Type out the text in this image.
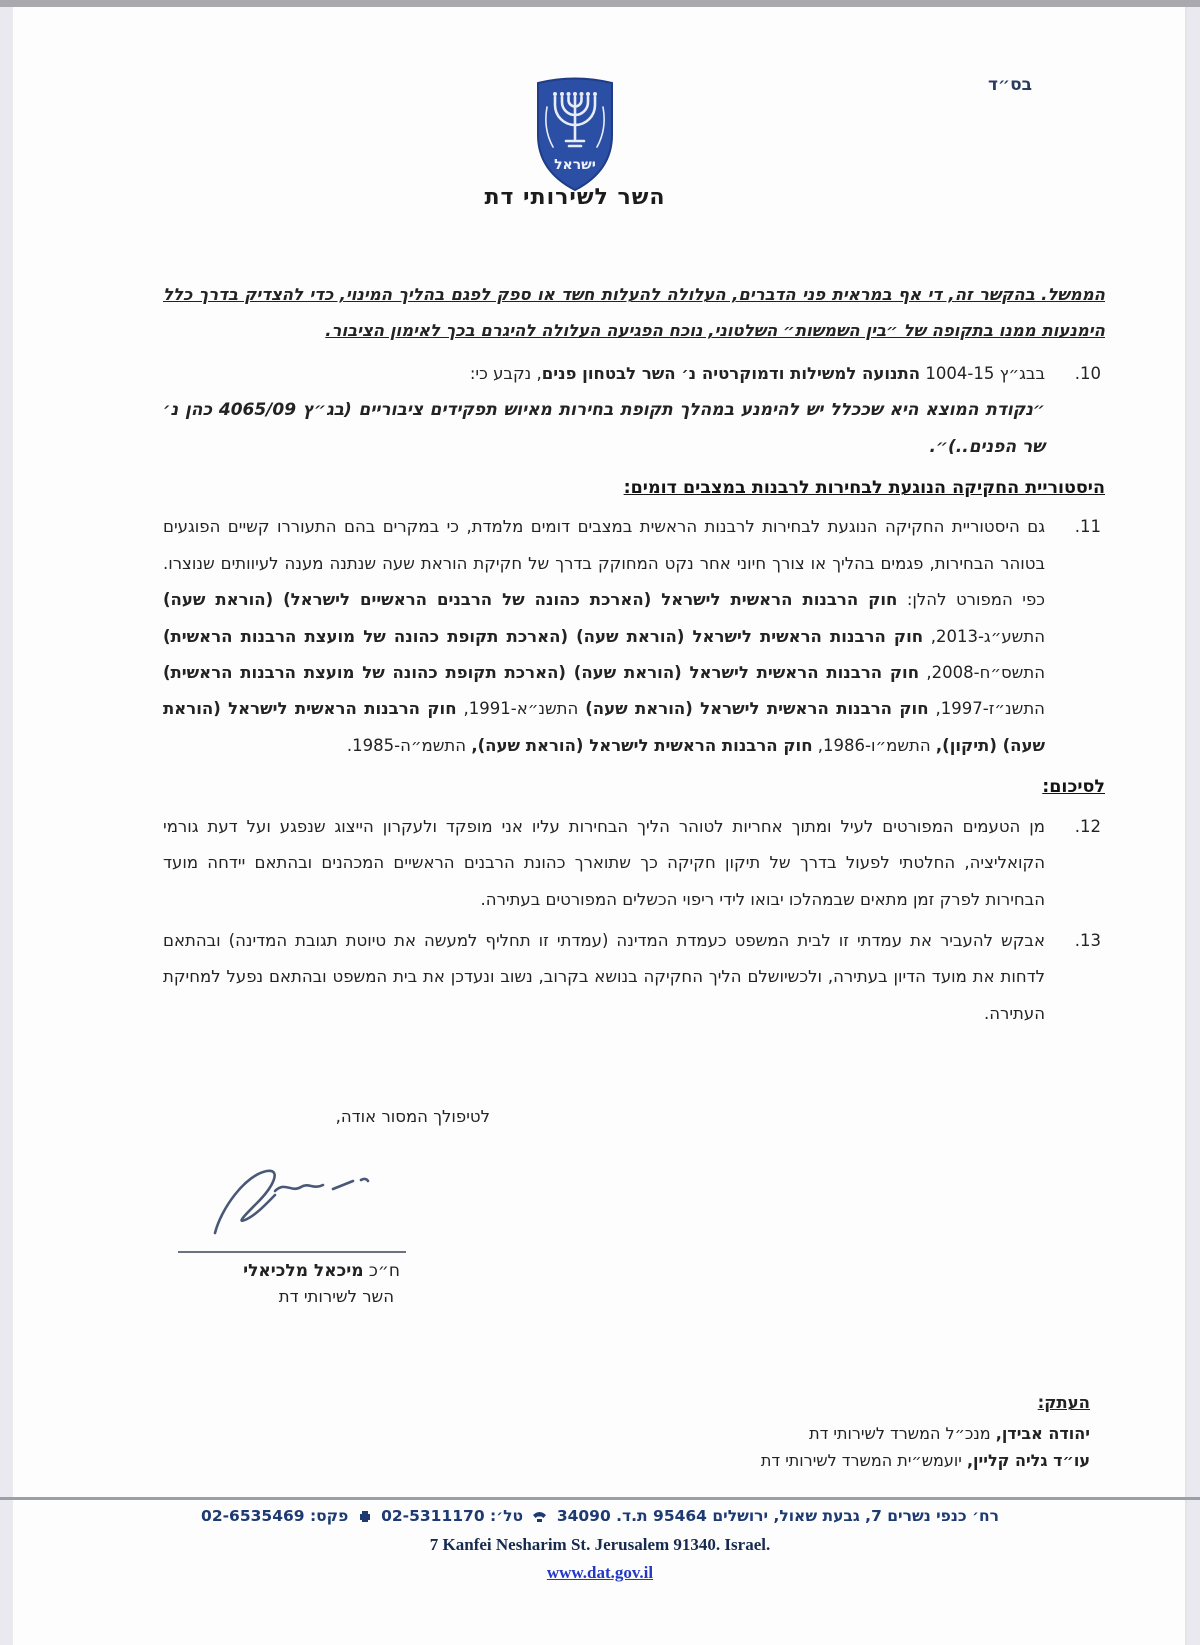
בס״ד
ישראל
השר לשירותי דת

הממשל. בהקשר זה, די אף במראית פני הדברים, העלולה להעלות חשד או ספק לפגם בהליך המינוי, כדי להצדיק בדרך כלל הימנעות ממנו בתקופה של ״בין השמשות״ השלטוני, נוכח הפגיעה העלולה להיגרם בכך לאימון הציבור.

10.
בבג״ץ 1004-15 התנועה למשילות ודמוקרטיה נ׳ השר לבטחון פנים, נקבע כי:

״נקודת המוצא היא שככלל יש להימנע במהלך תקופת בחירות מאיוש תפקידים ציבוריים (בג״ץ 4065/09 כהן נ׳ שר הפנים..)״.

היסטוריית החקיקה הנוגעת לבחירות לרבנות במצבים דומים:
11.
גם היסטוריית החקיקה הנוגעת לבחירות לרבנות הראשית במצבים דומים מלמדת, כי במקרים בהם התעוררו קשיים הפוגעים בטוהר הבחירות, פגמים בהליך או צורך חיוני אחר נקט המחוקק בדרך של חקיקת הוראת שעה שנתנה מענה לעיוותים שנוצרו. כפי המפורט להלן: חוק הרבנות הראשית לישראל (הארכת כהונה של הרבנים הראשיים לישראל) (הוראת שעה) התשע״ג-2013, חוק הרבנות הראשית לישראל (הוראת שעה) (הארכת תקופת כהונה של מועצת הרבנות הראשית) התשס״ח-2008, חוק הרבנות הראשית לישראל (הוראת שעה) (הארכת תקופת כהונה של מועצת הרבנות הראשית) התשנ״ז-1997, חוק הרבנות הראשית לישראל (הוראת שעה) התשנ״א-1991, חוק הרבנות הראשית לישראל (הוראת שעה) (תיקון), התשמ״ו-1986, חוק הרבנות הראשית לישראל (הוראת שעה), התשמ״ה-1985.
לסיכום:
12.
מן הטעמים המפורטים לעיל ומתוך אחריות לטוהר הליך הבחירות עליו אני מופקד ולעקרון הייצוג שנפגע ועל דעת גורמי הקואליציה, החלטתי לפעול בדרך של תיקון חקיקה כך שתוארך כהונת הרבנים הראשיים המכהנים ובהתאם יידחה מועד הבחירות לפרק זמן מתאים שבמהלכו יבואו לידי ריפוי הכשלים המפורטים בעתירה.
13.
אבקש להעביר את עמדתי זו לבית המשפט כעמדת המדינה (עמדתי זו תחליף למעשה את טיוטת תגובת המדינה) ובהתאם לדחות את מועד הדיון בעתירה, ולכשיושלם הליך החקיקה בנושא בקרוב, נשוב ונעדכן את בית המשפט ובהתאם נפעל למחיקת העתירה.
לטיפולך המסור אודה,
ח״כ מיכאל מלכיאלי
השר לשירותי דת
העתק:
יהודה אבידן, מנכ״ל המשרד לשירותי דת
עו״ד גליה קליין, יועמש״ית המשרד לשירותי דת
רח׳ כנפי נשרים 7, גבעת שאול, ירושלים 95464 ת.ד. 34090  טל׳: 02-5311170  פקס: 02-6535469
7 Kanfei Nesharim St. Jerusalem 91340. Israel.
www.dat.gov.il
